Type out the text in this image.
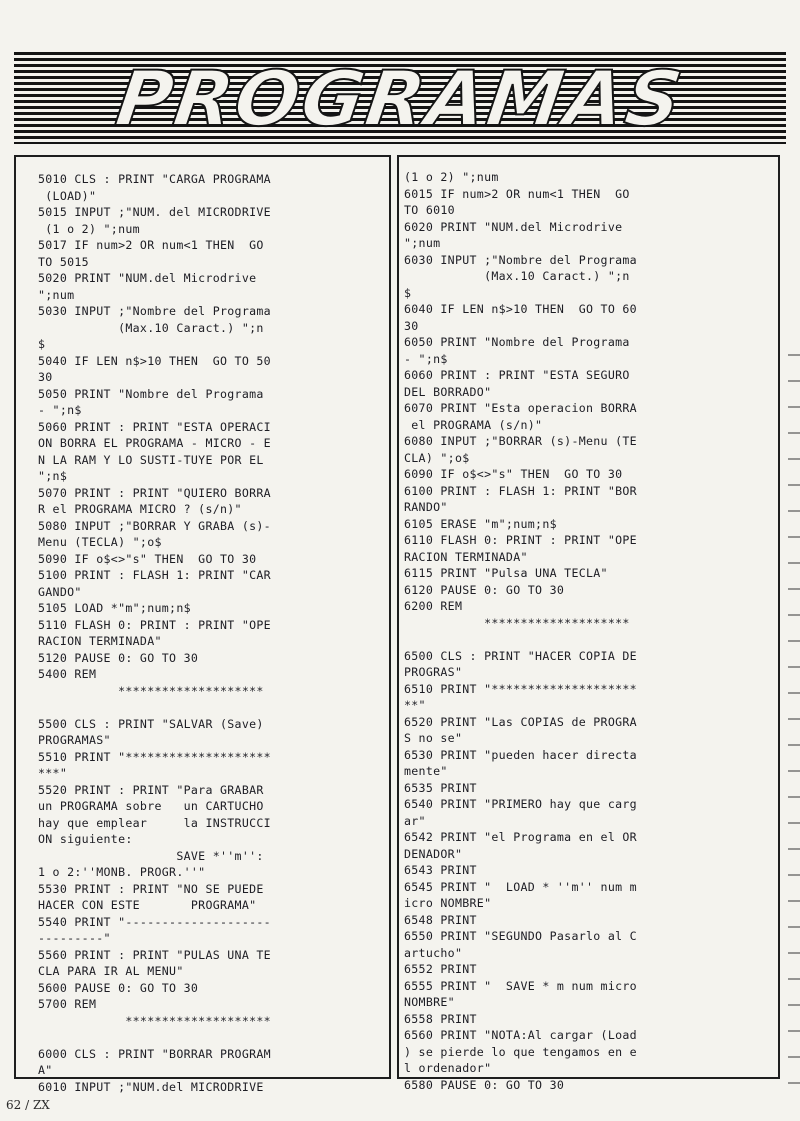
PROGRAMAS
5010 CLS : PRINT "CARGA PROGRAMA
(LOAD)"
5015 INPUT ;"NUM. del MICRODRIVE
(1 o 2) ";num
5017 IF num>2 OR num<1 THEN  GO
TO 5015
5020 PRINT "NUM.del Microdrive
";num
5030 INPUT ;"Nombre del Programa
(Max.10 Caract.) ";n
$
5040 IF LEN n$>10 THEN  GO TO 50
30
5050 PRINT "Nombre del Programa
- ";n$
5060 PRINT : PRINT "ESTA OPERACI
ON BORRA EL PROGRAMA - MICRO - E
N LA RAM Y LO SUSTI-TUYE POR EL
";n$
5070 PRINT : PRINT "QUIERO BORRA
R el PROGRAMA MICRO ? (s/n)"
5080 INPUT ;"BORRAR Y GRABA (s)-
Menu (TECLA) ";o$
5090 IF o$<>"s" THEN  GO TO 30
5100 PRINT : FLASH 1: PRINT "CAR
GANDO"
5105 LOAD *"m";num;n$
5110 FLASH 0: PRINT : PRINT "OPE
RACION TERMINADA"
5120 PAUSE 0: GO TO 30
5400 REM
********************

5500 CLS : PRINT "SALVAR (Save)
PROGRAMAS"
5510 PRINT "********************
***"
5520 PRINT : PRINT "Para GRABAR
un PROGRAMA sobre   un CARTUCHO
hay que emplear     la INSTRUCCI
ON siguiente:
SAVE *''m'':
1 o 2:''MONB. PROGR.''"
5530 PRINT : PRINT "NO SE PUEDE
HACER CON ESTE       PROGRAMA"
5540 PRINT "--------------------
---------"
5560 PRINT : PRINT "PULAS UNA TE
CLA PARA IR AL MENU"
5600 PAUSE 0: GO TO 30
5700 REM
********************

6000 CLS : PRINT "BORRAR PROGRAM
A"
6010 INPUT ;"NUM.del MICRODRIVE
(1 o 2) ";num
6015 IF num>2 OR num<1 THEN  GO
TO 6010
6020 PRINT "NUM.del Microdrive
";num
6030 INPUT ;"Nombre del Programa
(Max.10 Caract.) ";n
$
6040 IF LEN n$>10 THEN  GO TO 60
30
6050 PRINT "Nombre del Programa
- ";n$
6060 PRINT : PRINT "ESTA SEGURO
DEL BORRADO"
6070 PRINT "Esta operacion BORRA
el PROGRAMA (s/n)"
6080 INPUT ;"BORRAR (s)-Menu (TE
CLA) ";o$
6090 IF o$<>"s" THEN  GO TO 30
6100 PRINT : FLASH 1: PRINT "BOR
RANDO"
6105 ERASE "m";num;n$
6110 FLASH 0: PRINT : PRINT "OPE
RACION TERMINADA"
6115 PRINT "Pulsa UNA TECLA"
6120 PAUSE 0: GO TO 30
6200 REM
********************

6500 CLS : PRINT "HACER COPIA DE
PROGRAS"
6510 PRINT "********************
**"
6520 PRINT "Las COPIAS de PROGRA
S no se"
6530 PRINT "pueden hacer directa
mente"
6535 PRINT
6540 PRINT "PRIMERO hay que carg
ar"
6542 PRINT "el Programa en el OR
DENADOR"
6543 PRINT
6545 PRINT "  LOAD * ''m'' num m
icro NOMBRE"
6548 PRINT
6550 PRINT "SEGUNDO Pasarlo al C
artucho"
6552 PRINT
6555 PRINT "  SAVE * m num micro
NOMBRE"
6558 PRINT
6560 PRINT "NOTA:Al cargar (Load
) se pierde lo que tengamos en e
l ordenador"
6580 PAUSE 0: GO TO 30
62 / ZX
